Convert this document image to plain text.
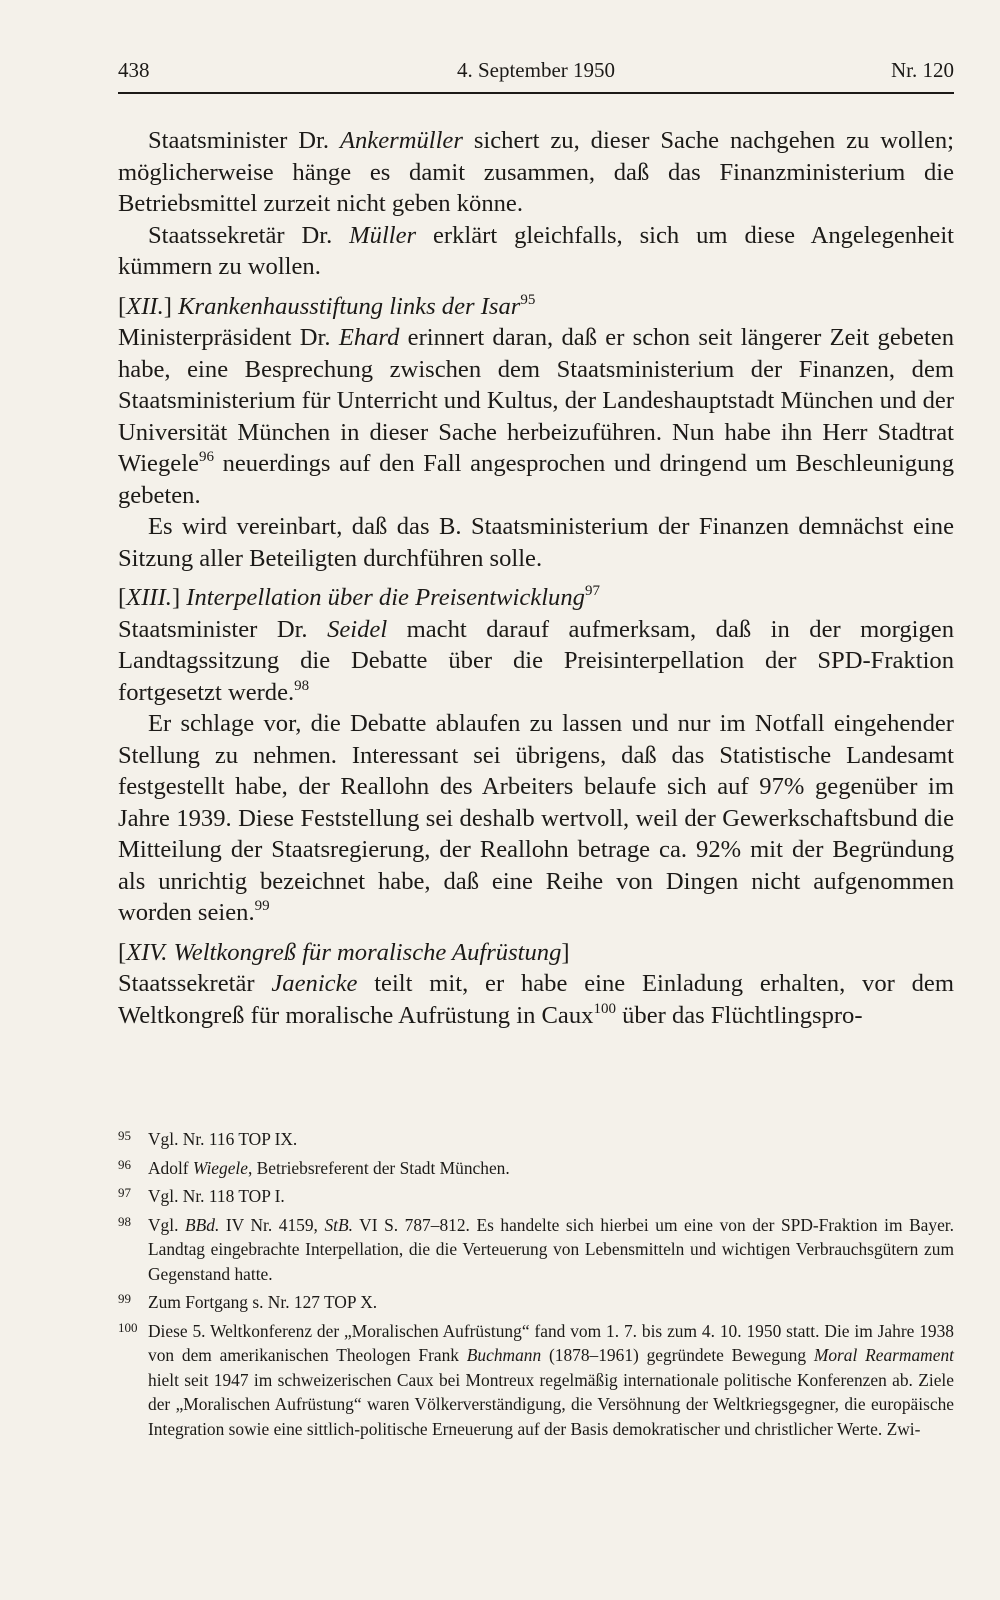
438	4. September 1950	Nr. 120

Staatsminister Dr. Ankermüller sichert zu, dieser Sache nachgehen zu wollen; möglicherweise hänge es damit zusammen, daß das Finanzministerium die Betriebsmittel zurzeit nicht geben könne.

Staatssekretär Dr. Müller erklärt gleichfalls, sich um diese Angelegenheit kümmern zu wollen.

[XII.] Krankenhausstiftung links der Isar$^{95}$

Ministerpräsident Dr. Ehard erinnert daran, daß er schon seit längerer Zeit gebeten habe, eine Besprechung zwischen dem Staatsministerium der Finanzen, dem Staatsministerium für Unterricht und Kultus, der Landeshauptstadt München und der Universität München in dieser Sache herbeizuführen. Nun habe ihn Herr Stadtrat Wiegele$^{96}$ neuerdings auf den Fall angesprochen und dringend um Beschleunigung gebeten.

Es wird vereinbart, daß das B. Staatsministerium der Finanzen demnächst eine Sitzung aller Beteiligten durchführen solle.

[XIII.] Interpellation über die Preisentwicklung$^{97}$

Staatsminister Dr. Seidel macht darauf aufmerksam, daß in der morgigen Landtagssitzung die Debatte über die Preisinterpellation der SPD-Fraktion fortgesetzt werde.$^{98}$

Er schlage vor, die Debatte ablaufen zu lassen und nur im Notfall eingehender Stellung zu nehmen. Interessant sei übrigens, daß das Statistische Landesamt festgestellt habe, der Reallohn des Arbeiters belaufe sich auf 97% gegenüber im Jahre 1939. Diese Feststellung sei deshalb wertvoll, weil der Gewerkschaftsbund die Mitteilung der Staatsregierung, der Reallohn betrage ca. 92% mit der Begründung als unrichtig bezeichnet habe, daß eine Reihe von Dingen nicht aufgenommen worden seien.$^{99}$

[XIV. Weltkongreß für moralische Aufrüstung]

Staatssekretär Jaenicke teilt mit, er habe eine Einladung erhalten, vor dem Weltkongreß für moralische Aufrüstung in Caux$^{100}$ über das Flüchtlingspro-

95 Vgl. Nr. 116 TOP IX.

96 Adolf Wiegele, Betriebsreferent der Stadt München.

97 Vgl. Nr. 118 TOP I.

98 Vgl. BBd. IV Nr. 4159, StB. VI S. 787–812. Es handelte sich hierbei um eine von der SPD-Fraktion im Bayer. Landtag eingebrachte Interpellation, die die Verteuerung von Lebensmitteln und wichtigen Verbrauchsgütern zum Gegenstand hatte.

99 Zum Fortgang s. Nr. 127 TOP X.

100 Diese 5. Weltkonferenz der „Moralischen Aufrüstung“ fand vom 1. 7. bis zum 4. 10. 1950 statt. Die im Jahre 1938 von dem amerikanischen Theologen Frank Buchmann (1878–1961) gegründete Bewegung Moral Rearmament hielt seit 1947 im schweizerischen Caux bei Montreux regelmäßig internationale politische Konferenzen ab. Ziele der „Moralischen Aufrüstung“ waren Völkerverständigung, die Versöhnung der Weltkriegsgegner, die europäische Integration sowie eine sittlich-politische Erneuerung auf der Basis demokratischer und christlicher Werte. Zwi-
